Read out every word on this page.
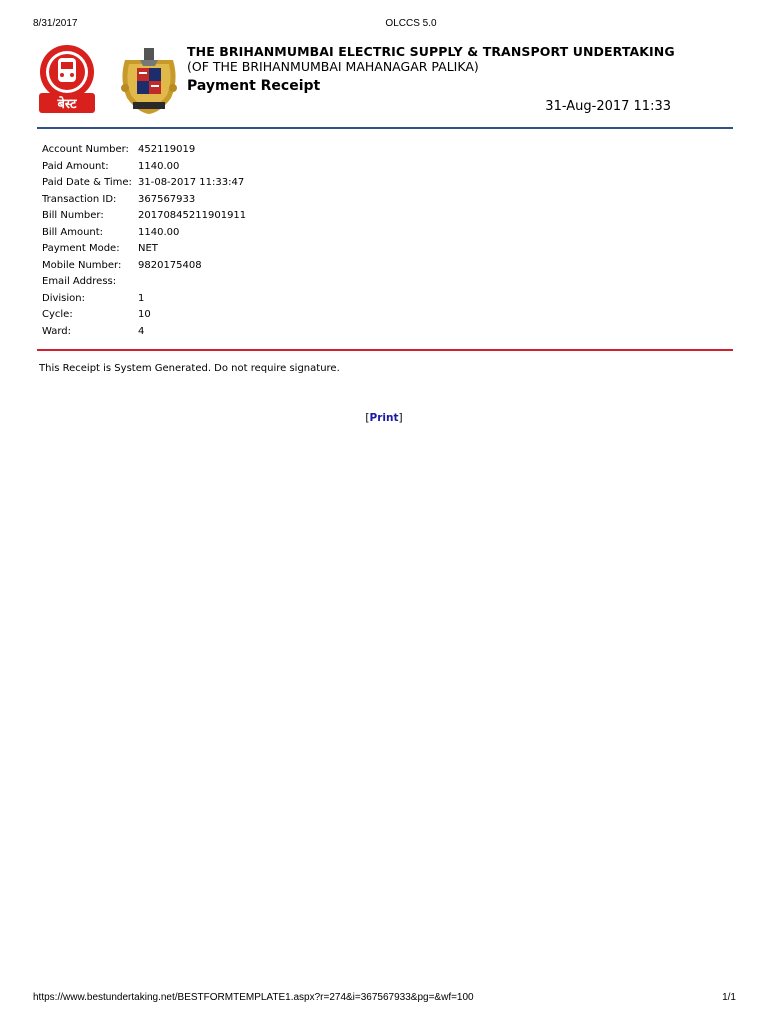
8/31/2017	OLCCS 5.0
बेस्ट
THE BRIHANMUMBAI ELECTRIC SUPPLY & TRANSPORT UNDERTAKING
(OF THE BRIHANMUMBAI MAHANAGAR PALIKA)
Payment Receipt
31-Aug-2017 11:33
Account Number: 452119019
Paid Amount:	1140.00
Paid Date & Time: 31-08-2017 11:33:47
Transaction ID:	367567933
Bill Number:	20170845211901911
Bill Amount:	1140.00
Payment Mode:	NET
Mobile Number:	9820175408
Email Address:
Division:	1
Cycle:	10
Ward:	4
This Receipt is System Generated. Do not require signature.
[Print]
https://www.bestundertaking.net/BESTFORMTEMPLATE1.aspx?r=274&i=367567933&pg=&wf=100	1/1
